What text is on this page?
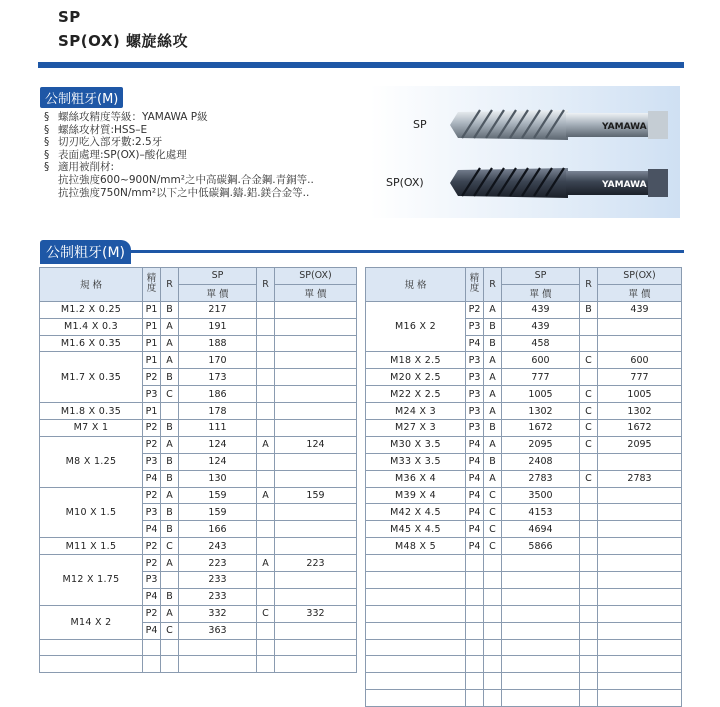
SP
SP(OX) 螺旋絲攻
公制粗牙(M)
§ 螺絲攻精度等級：YAMAWA P級
§ 螺絲攻材質:HSS–E
§ 切刃吃入部牙數:2.5牙
§ 表面處理:SP(OX)–酸化處理
§ 適用被削材:
抗拉強度600~900N/mm²之中高碳鋼.合金鋼.青銅等..
抗拉強度750N/mm²以下之中低碳鋼.鑄.鋁.鎂合金等..
SP	YAMAWA
SP(OX)	YAMAWA
公制粗牙(M)
規 格	精 度	R	SP	R	SP(OX)
			單 價		單 價
M1.2 X 0.25	P1	B	217		
M1.4 X 0.3	P1	A	191		
M1.6 X 0.35	P1	A	188		
M1.7 X 0.35	P1	A	170		
	P2	B	173		
	P3	C	186		
M1.8 X 0.35	P1		178		
M7 X 1	P2	B	111		
M8 X 1.25	P2	A	124	A	124
	P3	B	124		
	P4	B	130		
M10 X 1.5	P2	A	159	A	159
	P3	B	159		
	P4	B	166		
M11 X 1.5	P2	C	243		
M12 X 1.75	P2	A	223	A	223
	P3		233		
	P4	B	233		
M14 X 2	P2	A	332	C	332
	P4	C	363		

規 格	精 度	R	SP	R	SP(OX)
			單 價		單 價
M16 X 2	P2	A	439	B	439
	P3	B	439		
	P4	B	458		
M18 X 2.5	P3	A	600	C	600
M20 X 2.5	P3	A	777		777
M22 X 2.5	P3	A	1005	C	1005
M24 X 3	P3	A	1302	C	1302
M27 X 3	P3	B	1672	C	1672
M30 X 3.5	P4	A	2095	C	2095
M33 X 3.5	P4	B	2408		
M36 X 4	P4	A	2783	C	2783
M39 X 4	P4	C	3500		
M42 X 4.5	P4	C	4153		
M45 X 4.5	P4	C	4694		
M48 X 5	P4	C	5866		
